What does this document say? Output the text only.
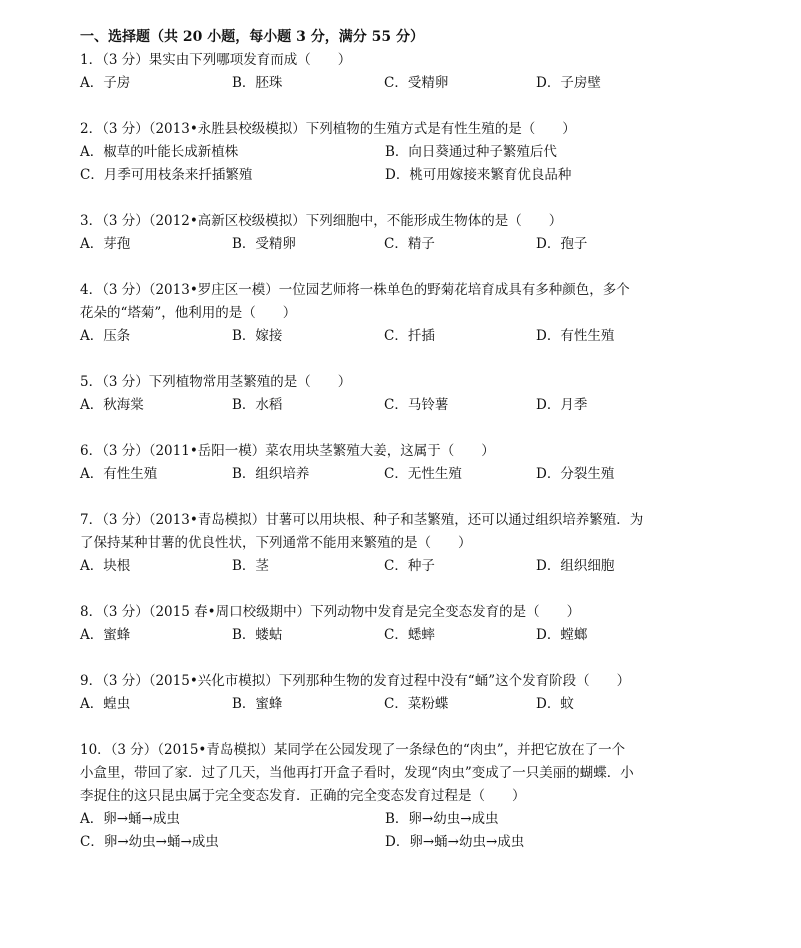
一、选择题（共 20 小题，每小题 3 分，满分 55 分）
1．（3 分）果实由下列哪项发育而成（　　）
A．子房	B．胚珠	C．受精卵	D．子房壁
2．（3 分）（2013•永胜县校级模拟）下列植物的生殖方式是有性生殖的是（　　）
A．椒草的叶能长成新植株	B．向日葵通过种子繁殖后代
C．月季可用枝条来扦插繁殖	D．桃可用嫁接来繁育优良品种
3．（3 分）（2012•高新区校级模拟）下列细胞中，不能形成生物体的是（　　）
A．芽孢	B．受精卵	C．精子	D．孢子
4．（3 分）（2013•罗庄区一模）一位园艺师将一株单色的野菊花培育成具有多种颜色，多个
花朵的“塔菊”，他利用的是（　　）
A．压条	B．嫁接	C．扦插	D．有性生殖
5．（3 分）下列植物常用茎繁殖的是（　　）
A．秋海棠	B．水稻	C．马铃薯	D．月季
6．（3 分）（2011•岳阳一模）菜农用块茎繁殖大姜，这属于（　　）
A．有性生殖	B．组织培养	C．无性生殖	D．分裂生殖
7．（3 分）（2013•青岛模拟）甘薯可以用块根、种子和茎繁殖，还可以通过组织培养繁殖．为
了保持某种甘薯的优良性状，下列通常不能用来繁殖的是（　　）
A．块根	B．茎	C．种子	D．组织细胞
8．（3 分）（2015 春•周口校级期中）下列动物中发育是完全变态发育的是（　　）
A．蜜蜂	B．蝼蛄	C．蟋蟀	D．螳螂
9．（3 分）（2015•兴化市模拟）下列那种生物的发育过程中没有“蛹”这个发育阶段（　　）
A．蝗虫	B．蜜蜂	C．菜粉蝶	D．蚊
10．（3 分）（2015•青岛模拟）某同学在公园发现了一条绿色的“肉虫”，并把它放在了一个
小盒里，带回了家．过了几天，当他再打开盒子看时，发现“肉虫”变成了一只美丽的蝴蝶．小
李捉住的这只昆虫属于完全变态发育．正确的完全变态发育过程是（　　）
A．卵→蛹→成虫	B．卵→幼虫→成虫
C．卵→幼虫→蛹→成虫	D．卵→蛹→幼虫→成虫
